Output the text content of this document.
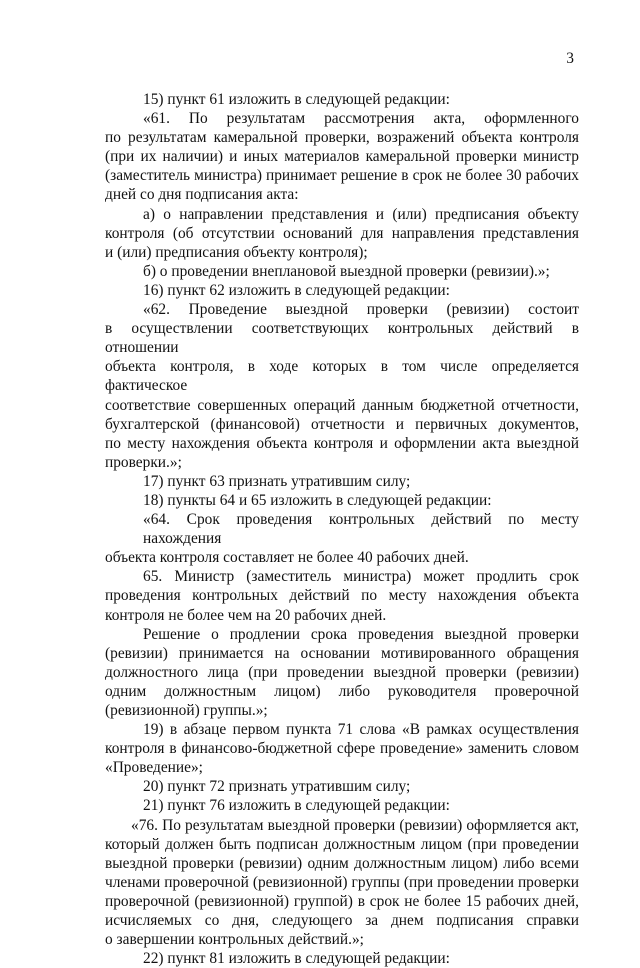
3
15) пункт 61 изложить в следующей редакции:
«61. По результатам рассмотрения акта, оформленного
по результатам камеральной проверки, возражений объекта контроля
(при их наличии) и иных материалов камеральной проверки министр
(заместитель министра) принимает решение в срок не более 30 рабочих
дней со дня подписания акта:
а) о направлении представления и (или) предписания объекту
контроля (об отсутствии оснований для направления представления
и (или) предписания объекту контроля);
б) о проведении внеплановой выездной проверки (ревизии).»;
16) пункт 62 изложить в следующей редакции:
«62. Проведение выездной проверки (ревизии) состоит
в осуществлении соответствующих контрольных действий в отношении
объекта контроля, в ходе которых в том числе определяется фактическое
соответствие совершенных операций данным бюджетной отчетности,
бухгалтерской (финансовой) отчетности и первичных документов,
по месту нахождения объекта контроля и оформлении акта выездной
проверки.»;
17) пункт 63 признать утратившим силу;
18) пункты 64 и 65 изложить в следующей редакции:
«64. Срок проведения контрольных действий по месту нахождения
объекта контроля составляет не более 40 рабочих дней.
65. Министр (заместитель министра) может продлить срок
проведения контрольных действий по месту нахождения объекта
контроля не более чем на 20 рабочих дней.
Решение о продлении срока проведения выездной проверки
(ревизии) принимается на основании мотивированного обращения
должностного лица (при проведении выездной проверки (ревизии)
одним должностным лицом) либо руководителя проверочной
(ревизионной) группы.»;
19) в абзаце первом пункта 71 слова «В рамках осуществления
контроля в финансово-бюджетной сфере проведение» заменить словом
«Проведение»;
20) пункт 72 признать утратившим силу;
21) пункт 76 изложить в следующей редакции:
«76. По результатам выездной проверки (ревизии) оформляется акт,
который должен быть подписан должностным лицом (при проведении
выездной проверки (ревизии) одним должностным лицом) либо всеми
членами проверочной (ревизионной) группы (при проведении проверки
проверочной (ревизионной) группой) в срок не более 15 рабочих дней,
исчисляемых со дня, следующего за днем подписания справки
о завершении контрольных действий.»;
22) пункт 81 изложить в следующей редакции:
